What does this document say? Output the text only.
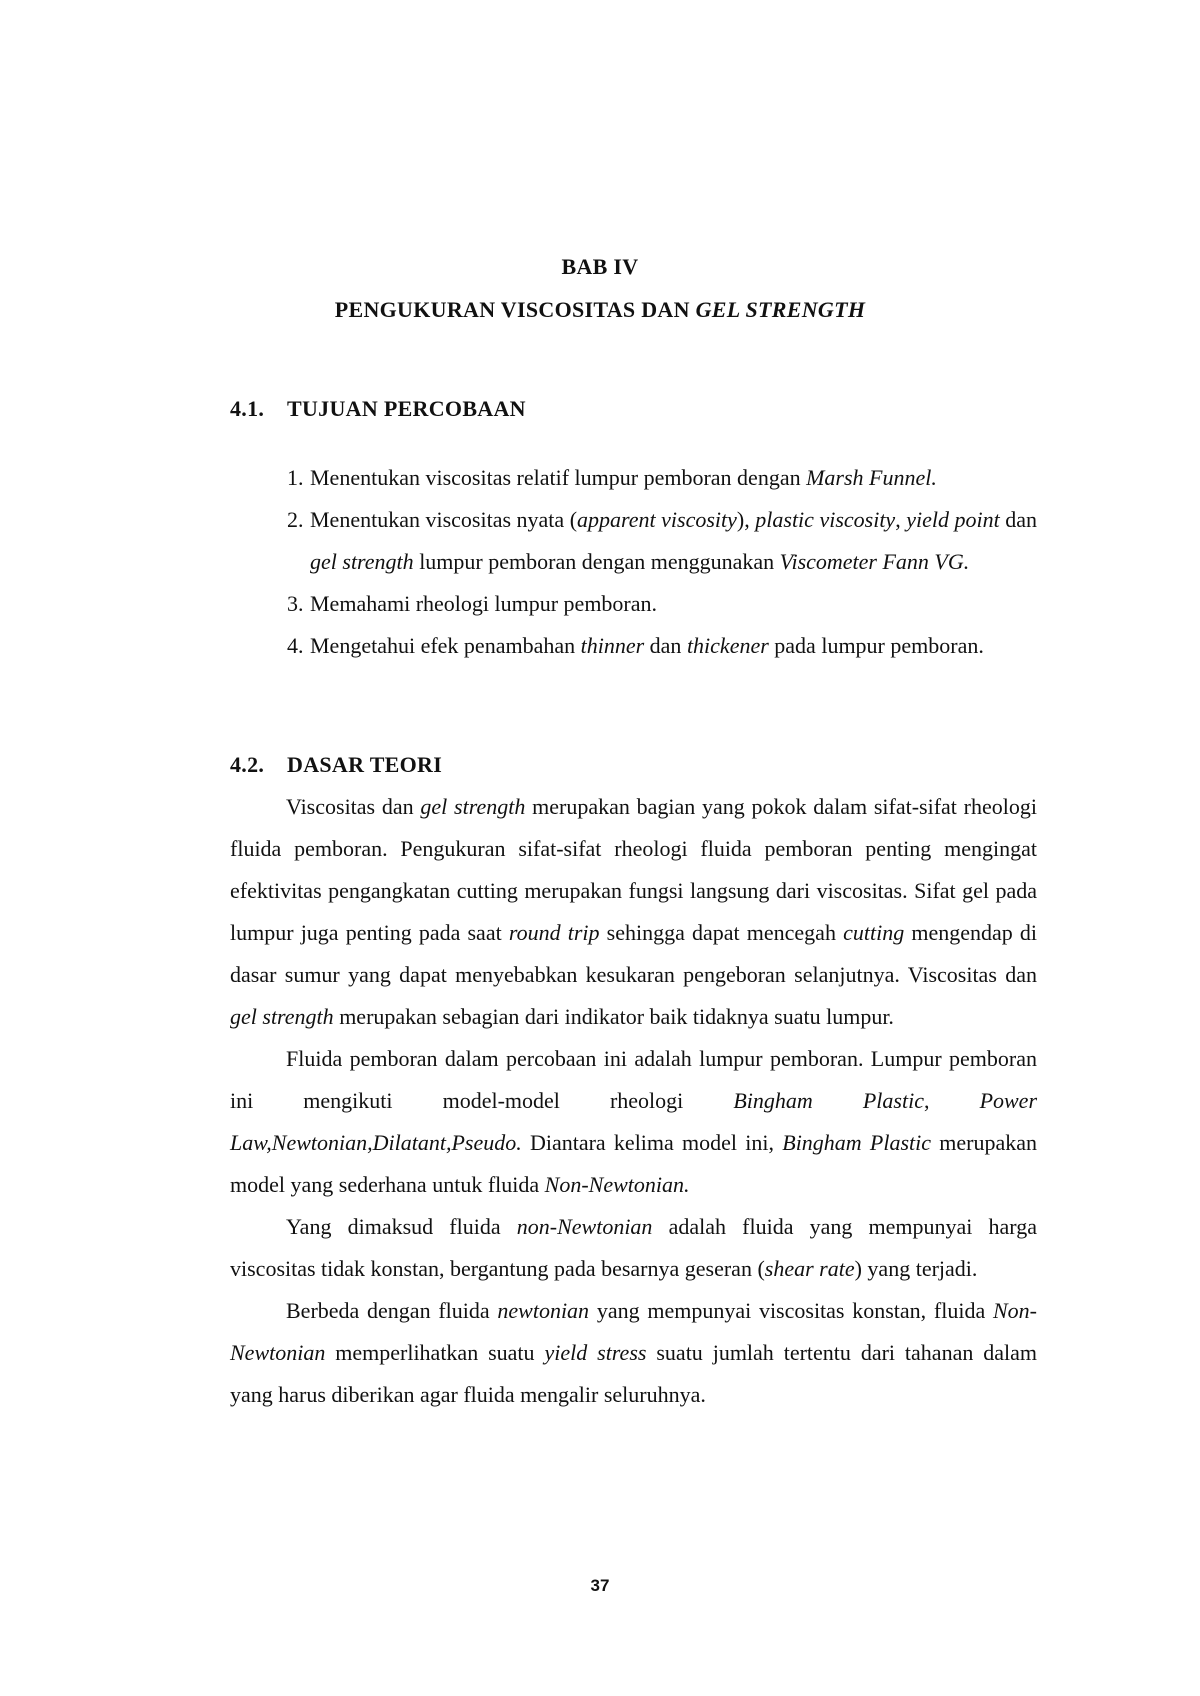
BAB IV
PENGUKURAN VISCOSITAS DAN GEL STRENGTH
4.1. TUJUAN PERCOBAAN
1. Menentukan viscositas relatif lumpur pemboran dengan Marsh Funnel.
2. Menentukan viscositas nyata (apparent viscosity), plastic viscosity, yield point dan gel strength lumpur pemboran dengan menggunakan Viscometer Fann VG.
3. Memahami rheologi lumpur pemboran.
4. Mengetahui efek penambahan thinner dan thickener pada lumpur pemboran.
4.2. DASAR TEORI

Viscositas dan gel strength merupakan bagian yang pokok dalam sifat-sifat rheologi fluida pemboran. Pengukuran sifat-sifat rheologi fluida pemboran penting mengingat efektivitas pengangkatan cutting merupakan fungsi langsung dari viscositas. Sifat gel pada lumpur juga penting pada saat round trip sehingga dapat mencegah cutting mengendap di dasar sumur yang dapat menyebabkan kesukaran pengeboran selanjutnya. Viscositas dan gel strength merupakan sebagian dari indikator baik tidaknya suatu lumpur.

Fluida pemboran dalam percobaan ini adalah lumpur pemboran. Lumpur pemboran ini mengikuti model-model rheologi Bingham Plastic, Power Law,Newtonian,Dilatant,Pseudo. Diantara kelima model ini, Bingham Plastic merupakan model yang sederhana untuk fluida Non-Newtonian.

Yang dimaksud fluida non-Newtonian adalah fluida yang mempunyai harga viscositas tidak konstan, bergantung pada besarnya geseran (shear rate) yang terjadi.

Berbeda dengan fluida newtonian yang mempunyai viscositas konstan, fluida Non-Newtonian memperlihatkan suatu yield stress suatu jumlah tertentu dari tahanan dalam yang harus diberikan agar fluida mengalir seluruhnya.

37
